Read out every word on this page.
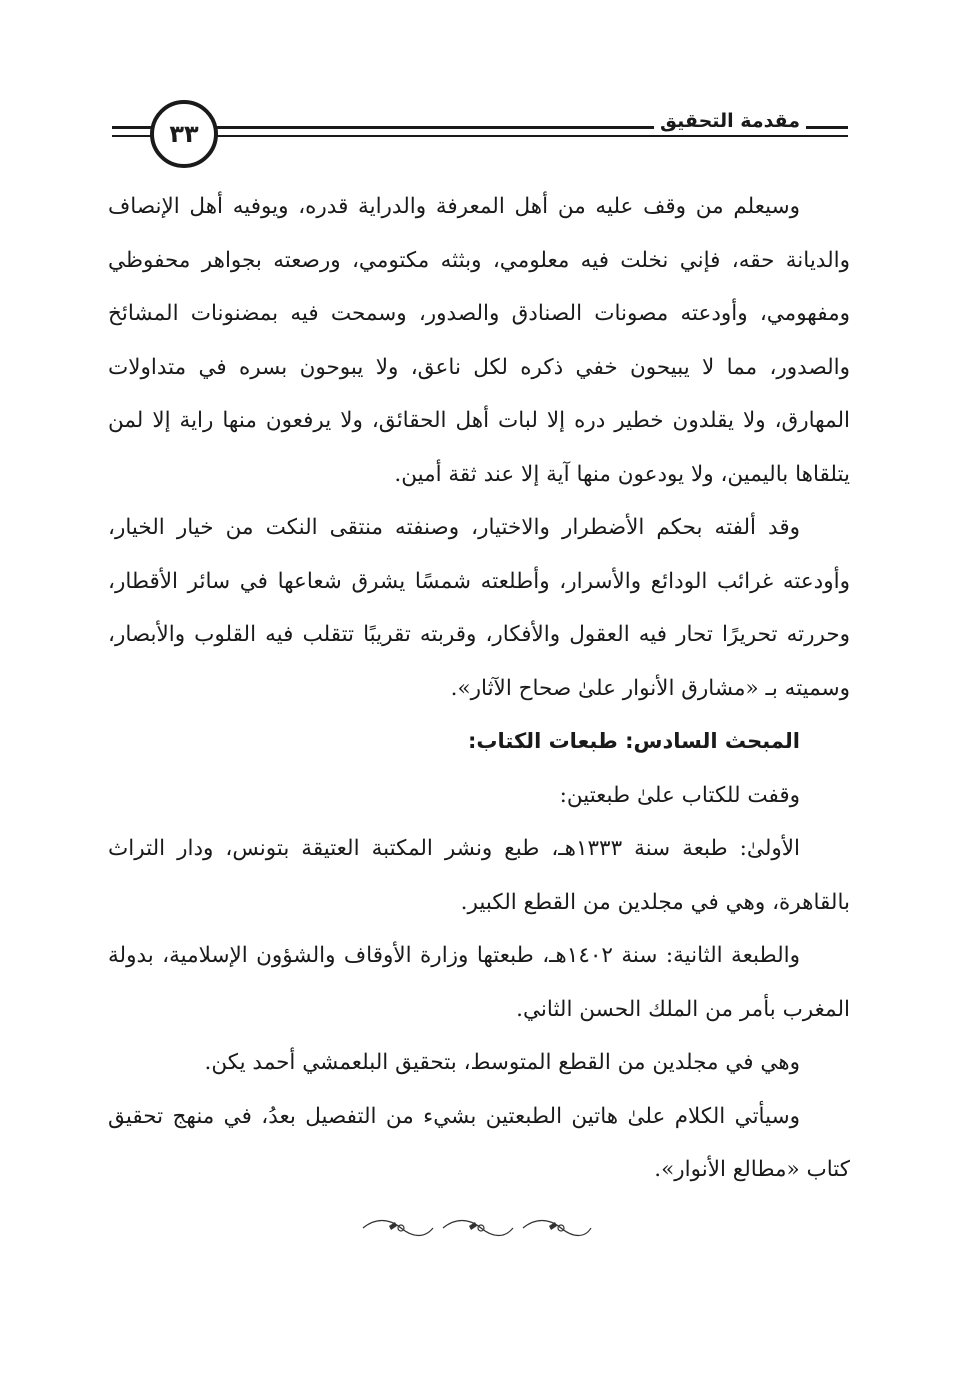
مقدمة التحقيق
٣٣

وسيعلم من وقف عليه من أهل المعرفة والدراية قدره، ويوفيه أهل الإنصاف والديانة حقه، فإني نخلت فيه معلومي، وبثثه مكتومي، ورصعته بجواهر محفوظي ومفهومي، وأودعته مصونات الصنادق والصدور، وسمحت فيه بمضنونات المشائخ والصدور، مما لا يبيحون خفي ذكره لكل ناعق، ولا يبوحون بسره في متداولات المهارق، ولا يقلدون خطير دره إلا لبات أهل الحقائق، ولا يرفعون منها راية إلا لمن يتلقاها باليمين، ولا يودعون منها آية إلا عند ثقة أمين.

وقد ألفته بحكم الأضطرار والاختيار، وصنفته منتقى النكت من خيار الخيار، وأودعته غرائب الودائع والأسرار، وأطلعته شمسًا يشرق شعاعها في سائر الأقطار، وحررته تحريرًا تحار فيه العقول والأفكار، وقربته تقريبًا تتقلب فيه القلوب والأبصار، وسميته بـ «مشارق الأنوار علىٰ صحاح الآثار».

المبحث السادس: طبعات الكتاب:

وقفت للكتاب علىٰ طبعتين:

الأولىٰ: طبعة سنة ١٣٣٣هـ، طبع ونشر المكتبة العتيقة بتونس، ودار التراث بالقاهرة، وهي في مجلدين من القطع الكبير.

والطبعة الثانية: سنة ١٤٠٢هـ، طبعتها وزارة الأوقاف والشؤون الإسلامية، بدولة المغرب بأمر من الملك الحسن الثاني.

وهي في مجلدين من القطع المتوسط، بتحقيق البلعمشي أحمد يكن.

وسيأتي الكلام علىٰ هاتين الطبعتين بشيء من التفصيل بعدُ، في منهج تحقيق كتاب «مطالع الأنوار».
